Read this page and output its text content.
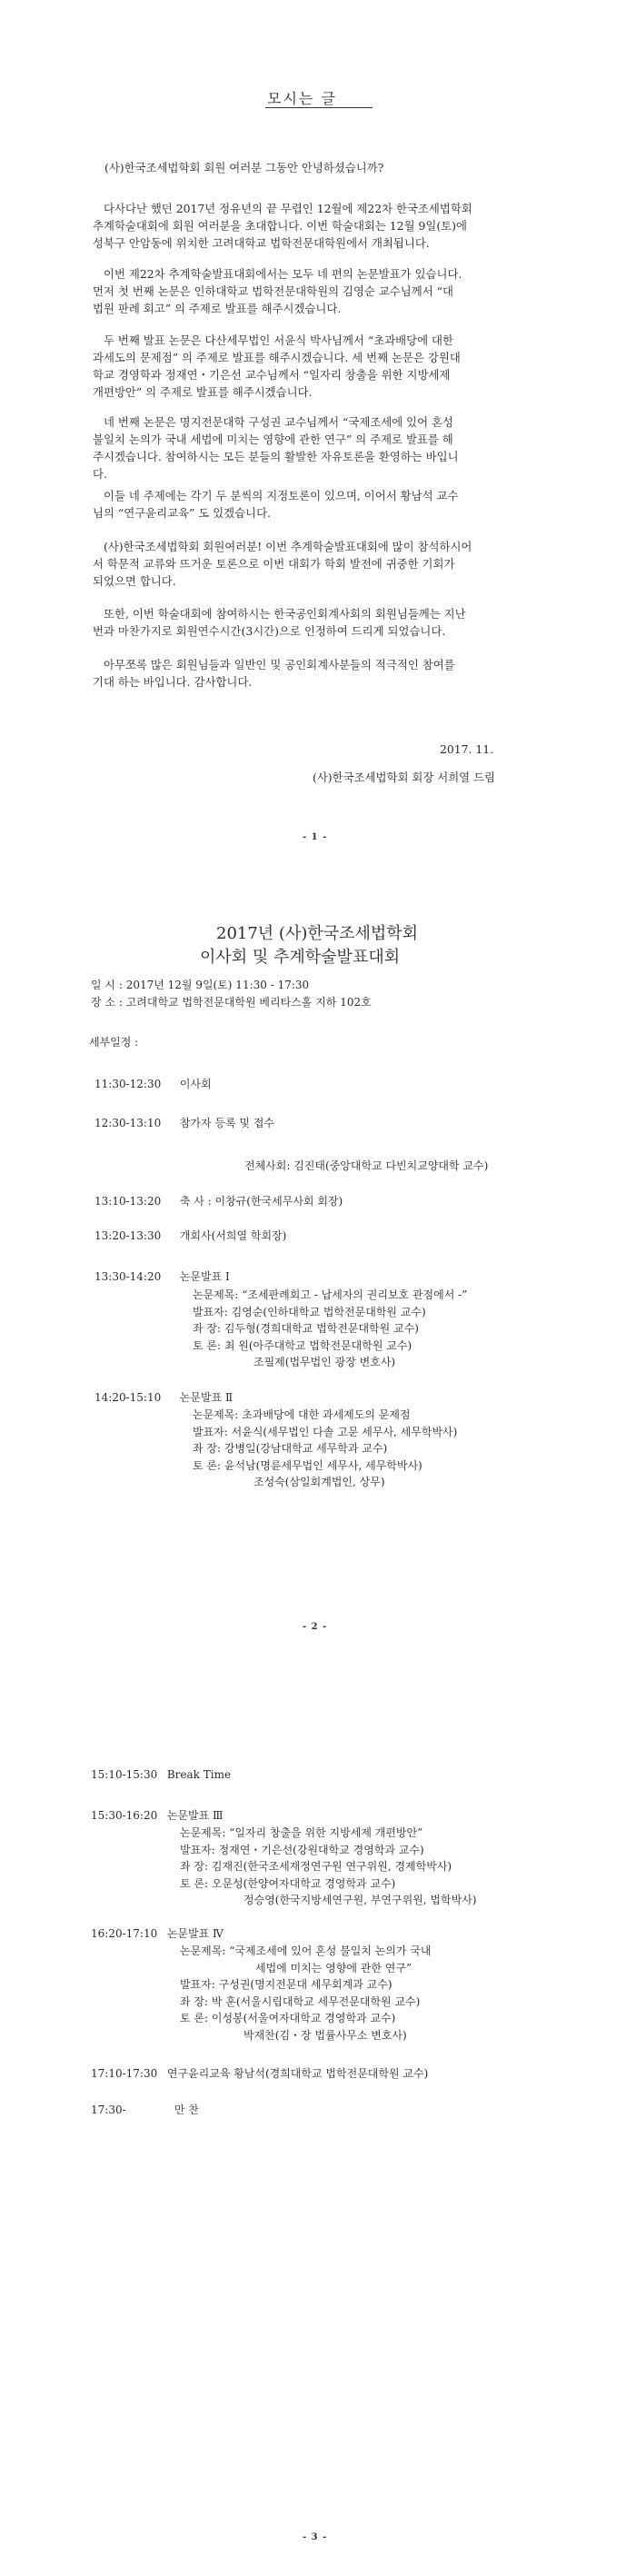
모시는 글
(사)한국조세법학회 회원 여러분 그동안 안녕하셨습니까?
다사다난 했던 2017년 정유년의 끝 무렵인 12월에 제22차 한국조세법학회
추계학술대회에 회원 여러분을 초대합니다. 이번 학술대회는 12월 9일(토)에
성북구 안암동에 위치한 고려대학교 법학전문대학원에서 개최됩니다.
이번 제22차 추계학술발표대회에서는 모두 네 편의 논문발표가 있습니다.
먼저 첫 번째 논문은 인하대학교 법학전문대학원의 김영순 교수님께서 “대
법원 판례 회고” 의 주제로 발표를 해주시겠습니다.
두 번째 발표 논문은 다산세무법인 서윤식 박사님께서 “초과배당에 대한
과세도의 문제점” 의 주제로 발표를 해주시겠습니다. 세 번째 논문은 강원대
학교 경영학과 정재연・기은선 교수님께서 “일자리 창출을 위한 지방세제
개편방안” 의 주제로 발표를 해주시겠습니다.
네 번째 논문은 명지전문대학 구성권 교수님께서 “국제조세에 있어 혼성
불일치 논의가 국내 세법에 미치는 영향에 관한 연구” 의 주제로 발표를 해
주시겠습니다. 참여하시는 모든 분들의 활발한 자유토론을 환영하는 바입니
다.
이들 네 주제에는 각기 두 분씩의 지정토론이 있으며, 이어서 황남석 교수
님의 “연구윤리교육” 도 있겠습니다.
(사)한국조세법학회 회원여러분! 이번 추계학술발표대회에 많이 참석하시어
서 학문적 교류와 뜨거운 토론으로 이번 대회가 학회 발전에 귀중한 기회가
되었으면 합니다.
또한, 이번 학술대회에 참여하시는 한국공인회계사회의 회원님들께는 지난
번과 마찬가지로 회원연수시간(3시간)으로 인정하여 드리게 되었습니다.
아무쪼록 많은 회원님들과 일반인 및 공인회계사분들의 적극적인 참여를
기대 하는 바입니다. 감사합니다.
2017. 11.
(사)한국조세법학회 회장 서희열 드림
- 1 -
2017년 (사)한국조세법학회
이사회 및 추계학술발표대회
일 시 : 2017년 12월 9일(토) 11:30 - 17:30
장 소 : 고려대학교 법학전문대학원 베리타스홀 지하 102호
세부일정 :
11:30-12:30 이사회
12:30-13:10 참가자 등록 및 접수
전체사회: 김진태(중앙대학교 다빈치교양대학 교수)
13:10-13:20 축 사 : 이창규(한국세무사회 회장)
13:20-13:30 개회사(서희열 학회장)
13:30-14:20 논문발표 Ⅰ
논문제목: “조세판례회고 - 납세자의 권리보호 관점에서 -”
발표자: 김영순(인하대학교 법학전문대학원 교수)
좌 장: 김두형(경희대학교 법학전문대학원 교수)
토 론: 최 원(아주대학교 법학전문대학원 교수)
조필제(법무법인 광장 변호사)
14:20-15:10 논문발표 Ⅱ
논문제목: 초과배당에 대한 과세제도의 문제점
발표자: 서윤식(세무법인 다솔 고문 세무사, 세무학박사)
좌 장: 강병일(강남대학교 세무학과 교수)
토 론: 윤석남(명륜세무법인 세무사, 세무학박사)
조성숙(삼일회계법인, 상무)
- 2 -
15:10-15:30 Break Time
15:30-16:20 논문발표 Ⅲ
논문제목: “일자리 창출을 위한 지방세제 개편방안”
발표자: 정재연・기은선(강원대학교 경영학과 교수)
좌 장: 김재진(한국조세재정연구원 연구위원, 경제학박사)
토 론: 오문성(한양여자대학교 경영학과 교수)
정승영(한국지방세연구원, 부연구위원, 법학박사)
16:20-17:10 논문발표 Ⅳ
논문제목: “국제조세에 있어 혼성 불일치 논의가 국내
세법에 미치는 영향에 관한 연구”
발표자: 구성권(명지전문대 세무회계과 교수)
좌 장: 박 훈(서울시립대학교 세무전문대학원 교수)
토 론: 이성봉(서울여자대학교 경영학과 교수)
박재찬(김・장 법률사무소 변호사)
17:10-17:30 연구윤리교육 황남석(경희대학교 법학전문대학원 교수)
17:30-	만 찬
- 3 -
